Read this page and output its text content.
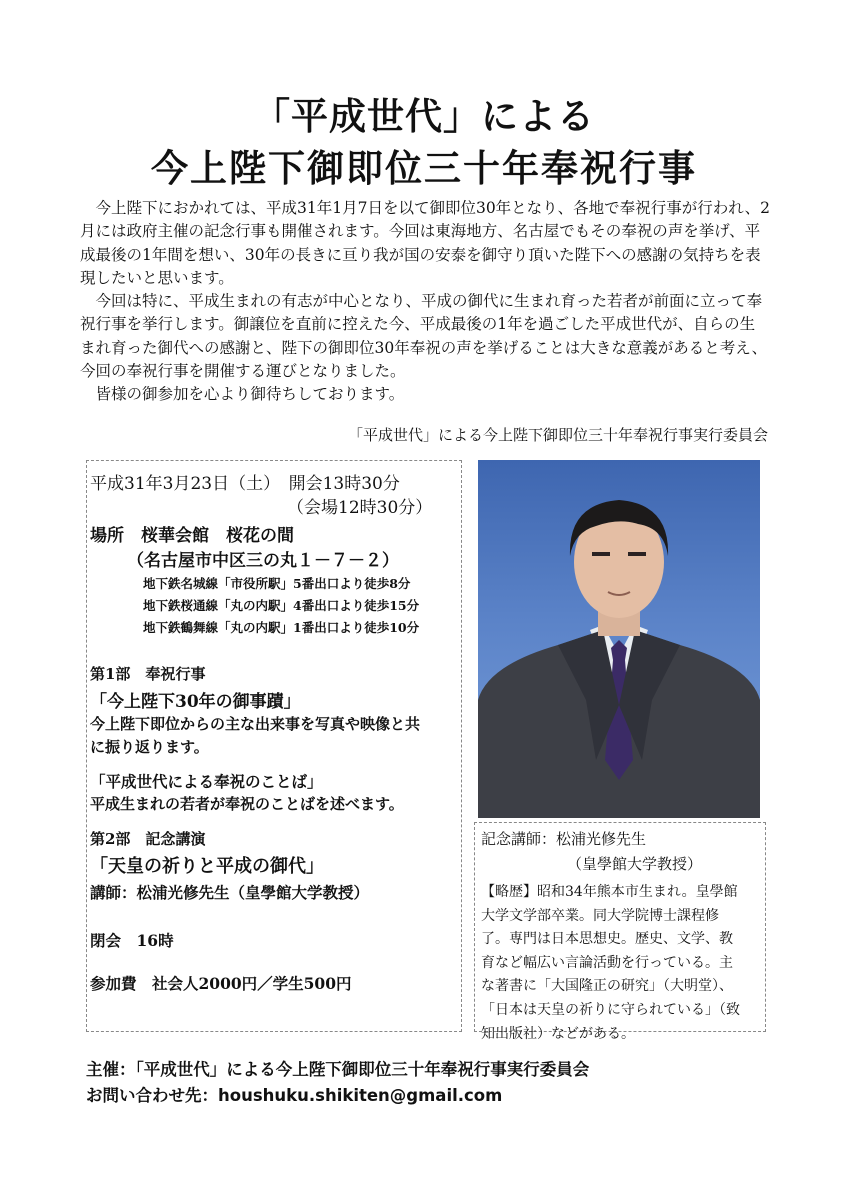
「平成世代」による
今上陛下御即位三十年奉祝行事

　今上陛下におかれては、平成31年1月7日を以て御即位30年となり、各地で奉祝行事が行われ、2月には政府主催の記念行事も開催されます。今回は東海地方、名古屋でもその奉祝の声を挙げ、平成最後の1年間を想い、30年の長きに亘り我が国の安泰を御守り頂いた陛下への感謝の気持ちを表現したいと思います。

　今回は特に、平成生まれの有志が中心となり、平成の御代に生まれ育った若者が前面に立って奉祝行事を挙行します。御譲位を直前に控えた今、平成最後の1年を過ごした平成世代が、自らの生まれ育った御代への感謝と、陛下の御即位30年奉祝の声を挙げることは大きな意義があると考え、今回の奉祝行事を開催する運びとなりました。

　皆様の御参加を心より御待ちしております。

「平成世代」による今上陛下御即位三十年奉祝行事実行委員会
平成31年3月23日（土）　 開会13時30分
（会場12時30分）
場所　 桜華会館　 桜花の間
（名古屋市中区三の丸１－７－２）
地下鉄名城線「市役所駅」5番出口より徒歩8分
地下鉄桜通線「丸の内駅」4番出口より徒歩15分
地下鉄鶴舞線「丸の内駅」1番出口より徒歩10分
第1部　奉祝行事
「今上陛下30年の御事蹟」
今上陛下即位からの主な出来事を写真や映像と共
に振り返ります。
「平成世代による奉祝のことば」
平成生まれの若者が奉祝のことばを述べます。
第2部　記念講演
「天皇の祈りと平成の御代」
講師：松浦光修先生（皇學館大学教授）
閉会　16時
参加費　社会人2000円／学生500円
記念講師：松浦光修先生
（皇學館大学教授）
【略歴】昭和34年熊本市生まれ。皇學館
大学文学部卒業。同大学院博士課程修
了。専門は日本思想史。歴史、文学、教
育など幅広い言論活動を行っている。主
な著書に「大国隆正の研究」（大明堂）、
「日本は天皇の祈りに守られている」（致
知出版社）などがある。
主催：「平成世代」による今上陛下御即位三十年奉祝行事実行委員会
お問い合わせ先：houshuku.shikiten@gmail.com
